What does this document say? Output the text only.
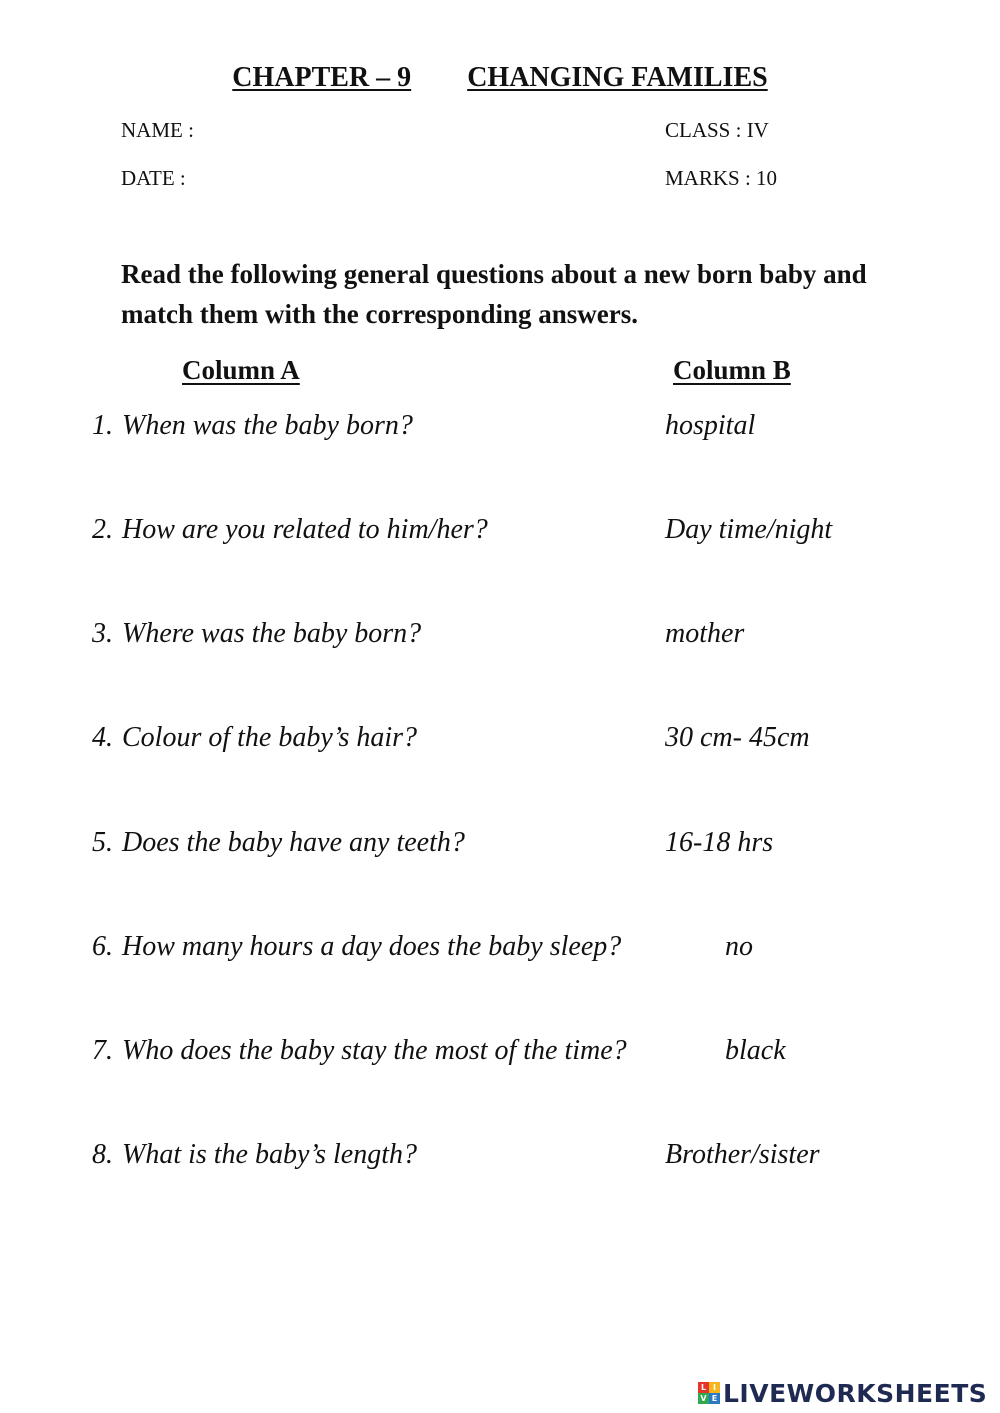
CHAPTER – 9 CHANGING FAMILIES
NAME :
DATE :
CLASS : IV
MARKS : 10
Read the following general questions about a new born baby and match them with the corresponding answers.
Column A	Column B
1. When was the baby born?
2. How are you related to him/her?
3. Where was the baby born?
4. Colour of the baby’s hair?
5. Does the baby have any teeth?
6. How many hours a day does the baby sleep?
7. Who does the baby stay the most of the time?
8. What is the baby’s length?
hospital
Day time/night
mother
30 cm- 45cm
16-18 hrs
no
black
Brother/sister
L I
V E LIVEWORKSHEETS
